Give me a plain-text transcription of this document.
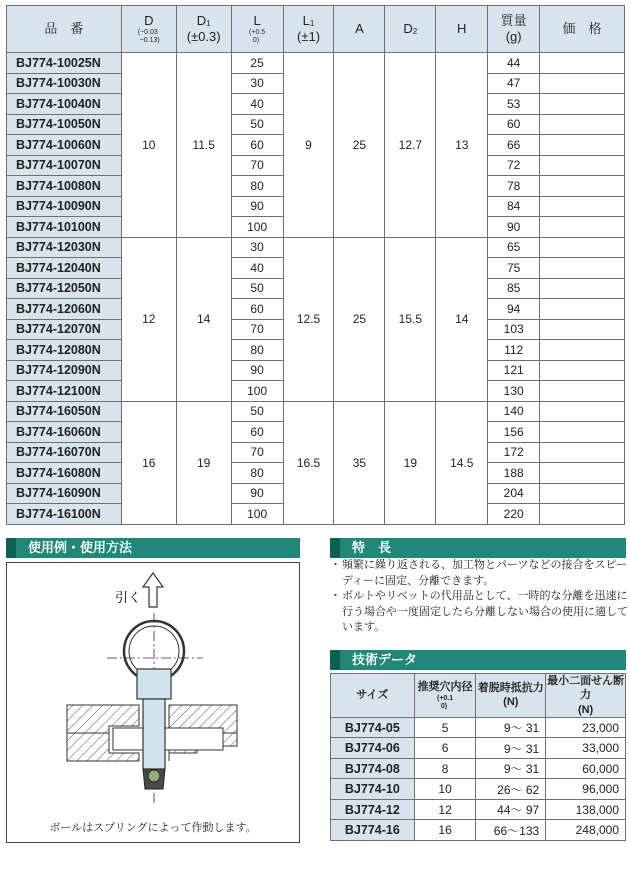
品　番	D
(−0.03
−0.13)	D1
(±0.3)	L
(+0.5
0)	L1
(±1)	A	D2	H	質量
(g)	価　格
BJ774-10025N	10	11.5	25	9	25	12.7	13	44	
BJ774-10030N			30					47	
BJ774-10040N			40					53	
BJ774-10050N			50					60	
BJ774-10060N			60					66	
BJ774-10070N			70					72	
BJ774-10080N			80					78	
BJ774-10090N			90					84	
BJ774-10100N			100					90	
BJ774-12030N	12	14	30	12.5	25	15.5	14	65	
BJ774-12040N			40					75	
BJ774-12050N			50					85	
BJ774-12060N			60					94	
BJ774-12070N			70					103	
BJ774-12080N			80					112	
BJ774-12090N			90					121	
BJ774-12100N			100					130	
BJ774-16050N	16	19	50	16.5	35	19	14.5	140	
BJ774-16060N			60					156	
BJ774-16070N			70					172	
BJ774-16080N			80					188	
BJ774-16090N			90					204	
BJ774-16100N			100					220	
使用例・使用方法
引く
ボールはスプリングによって作動します。
特　長
・ 頻繁に繰り返される、加工物とパーツなどの接合をスピーディーに固定、分離できます。
・ ボルトやリベットの代用品として、一時的な分離を迅速に行う場合や一度固定したら分離しない場合の使用に適しています。
技術データ
サイズ	推奨穴内径
(+0.1
0)	着脱時抵抗力
(N)	最小二面せん断力
(N)
BJ774-05	5	9〜 31	23,000
BJ774-06	6	9〜 31	33,000
BJ774-08	8	9〜 31	60,000
BJ774-10	10	26〜 62	96,000
BJ774-12	12	44〜 97	138,000
BJ774-16	16	66〜133	248,000
